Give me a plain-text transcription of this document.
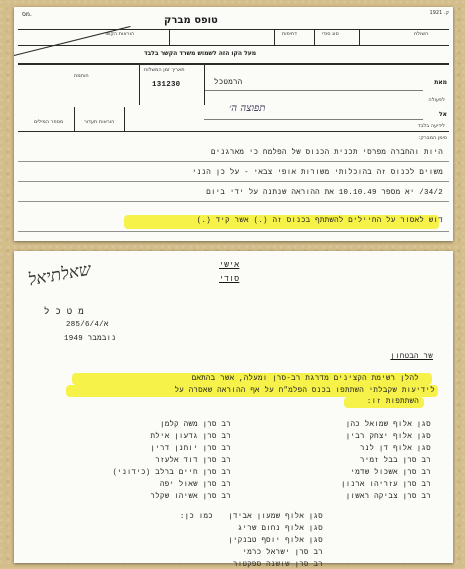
מס.	ק. 1921
טופס מברק
הוראות הקשר	דחיפות	סוג סודי	השולח
חותמת
מעל הקו הזה לשמוש משרד הקשר בלבד
תאריך זמן המשלוח
131230	מאת
הרמטכל
לפעולה
אל
תפוצה ה׳
לידיעה בלבד
מספר המילים	הוראות תעדור
סימן המברק:
היות והחברה מפרסי תכנית הכנוס של הפלמח כי מארגנים
משוים לכנוס זה בהוכלותי משורות אופי צבאי - על כן הנני
34/2/ יא מספר 10.10.49 את ההוראה שנתנה על ידי ביום
דוש לאסור על החיילים להשתתף בכנוס זה (.) אשר קיד (.)
שאלתיאל	אישי
סודי
מ ט כ ל
285/6/4/א
נובמבר 1949
שר הבטחון
להלן רשימת הקצינים מדרגת רב-סרן ומעלה, אשר בהתאם
לידיעות שקבלתי השתתפו בכנס הפלמ״ח על אף ההוראה שאסרה על
השתתפות זו:
סגן אלוף שמואל כהן
סגן אלוף יצחק רבין
סגן אלוף דן לנר
רב סרן בבל זמיר
רב סרן אשכול שדמי
רב סרן עזריהו ארנון
רב סרן צביקה ראשון
רב סרן משה קלמן
רב סרן גדעון אילת
רב סרן יוחנן דרין
רב סרן דוד אלעזר
רב סרן חיים ברלב (כידוני)
רב סרן שאול יפה
רב סרן אשיהו שקלר
כמו כן: סגן אלוף שמעון אבידן
סגן אלוף נחום שריג
סגן אלוף יוסף טבנקין
רב סרן ישראל כרמי
רב סרן שושנה ספקטור
